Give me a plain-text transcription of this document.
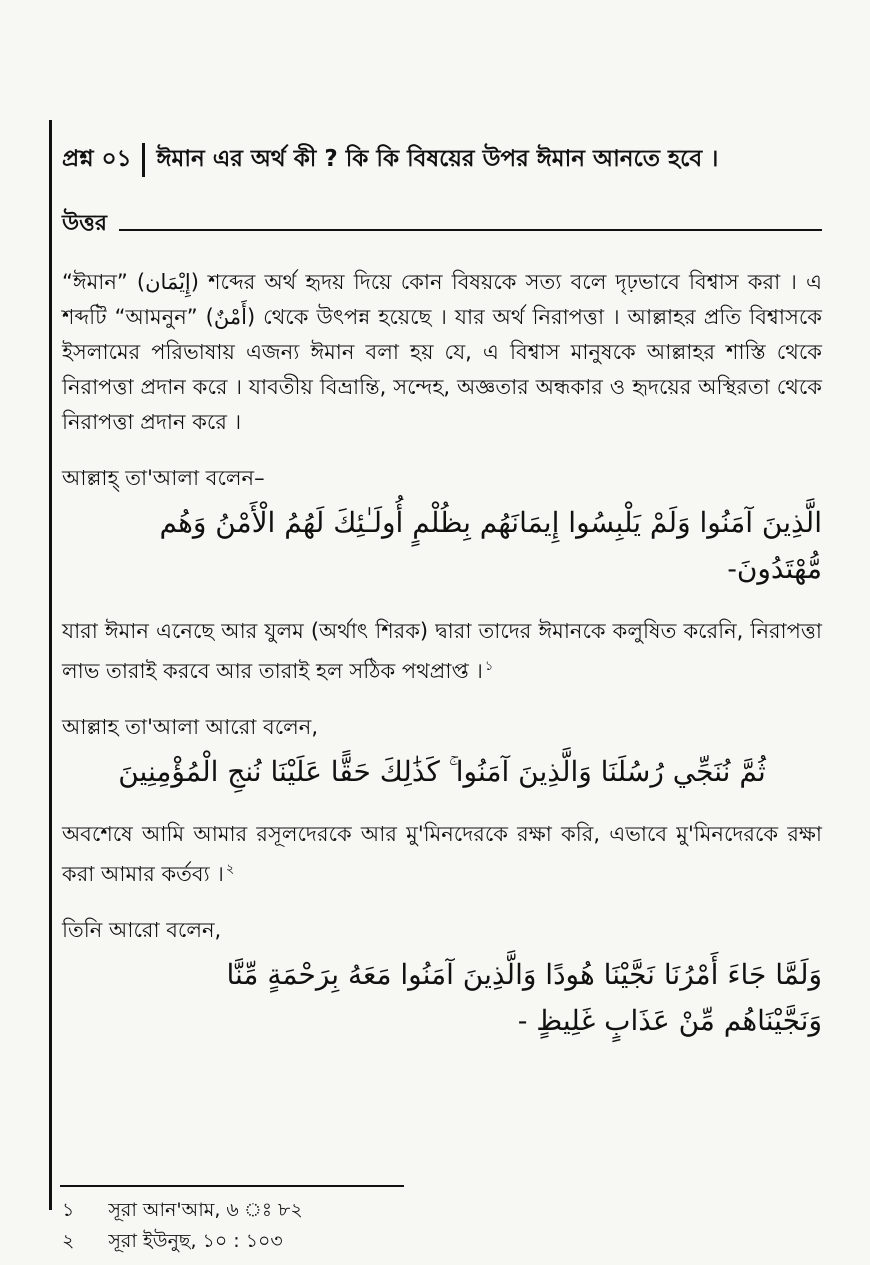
প্রশ্ন ০১	ঈমান এর অর্থ কী ? কি কি বিষয়ের উপর ঈমান আনতে হবে ।
উত্তর

“ঈমান” (إِيْمَان) শব্দের অর্থ হৃদয় দিয়ে কোন বিষয়কে সত্য বলে দৃঢ়ভাবে বিশ্বাস করা । এ শব্দটি “আমনুন” (أَمْنٌ) থেকে উৎপন্ন হয়েছে । যার অর্থ নিরাপত্তা । আল্লাহর প্রতি বিশ্বাসকে ইসলামের পরিভাষায় এজন্য ঈমান বলা হয় যে, এ বিশ্বাস মানুষকে আল্লাহর শাস্তি থেকে নিরাপত্তা প্রদান করে । যাবতীয় বিভ্রান্তি, সন্দেহ, অজ্ঞতার অন্ধকার ও হৃদয়ের অস্থিরতা থেকে নিরাপত্তা প্রদান করে ।

আল্লাহ্ তা'আলা বলেন–
الَّذِينَ آمَنُوا وَلَمْ يَلْبِسُوا إِيمَانَهُم بِظُلْمٍ أُولَـٰئِكَ لَهُمُ الْأَمْنُ وَهُم
مُّهْتَدُونَ-

যারা ঈমান এনেছে আর যুলম (অর্থাৎ শিরক) দ্বারা তাদের ঈমানকে কলুষিত করেনি, নিরাপত্তা লাভ তারাই করবে আর তারাই হল সঠিক পথপ্রাপ্ত । $^১$

আল্লাহ তা'আলা আরো বলেন,
ثُمَّ نُنَجِّي رُسُلَنَا وَالَّذِينَ آمَنُوا ۚ كَذَٰلِكَ حَقًّا عَلَيْنَا نُنجِ الْمُؤْمِنِينَ

অবশেষে আমি আমার রসূলদেরকে আর মু'মিনদেরকে রক্ষা করি, এভাবে মু'মিনদেরকে রক্ষা করা আমার কর্তব্য । $^২$

তিনি আরো বলেন,
وَلَمَّا جَاءَ أَمْرُنَا نَجَّيْنَا هُودًا وَالَّذِينَ آمَنُوا مَعَهُ بِرَحْمَةٍ مِّنَّا
وَنَجَّيْنَاهُم مِّنْ عَذَابٍ غَلِيظٍ -
১ সূরা আন'আম, ৬ ঃ ৮২
২ সূরা ইউনুছ, ১০ : ১০৩
